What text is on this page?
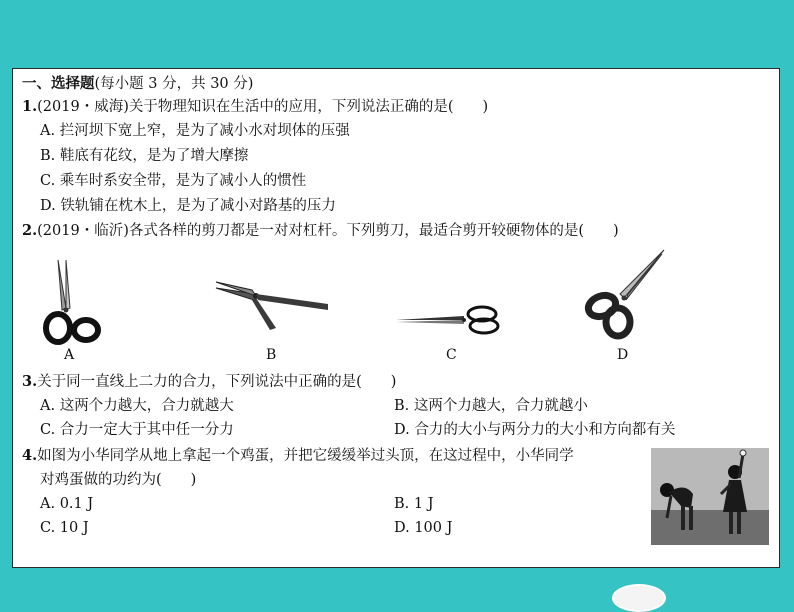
一、选择题(每小题 3 分，共 30 分)
1.(2019・威海)关于物理知识在生活中的应用，下列说法正确的是(　　)
A. 拦河坝下宽上窄，是为了减小水对坝体的压强
B. 鞋底有花纹，是为了增大摩擦
C. 乘车时系安全带，是为了减小人的惯性
D. 铁轨铺在枕木上，是为了减小对路基的压力
2.(2019・临沂)各式各样的剪刀都是一对对杠杆。下列剪刀，最适合剪开较硬物体的是(　　)
A	B	C	D
3.关于同一直线上二力的合力，下列说法中正确的是(　　)
A. 这两个力越大，合力就越大	B. 这两个力越大，合力就越小
C. 合力一定大于其中任一分力	D. 合力的大小与两分力的大小和方向都有关
4.如图为小华同学从地上拿起一个鸡蛋，并把它缓缓举过头顶，在这过程中，小华同学
对鸡蛋做的功约为(　　)
A. 0.1 J	B. 1 J
C. 10 J	D. 100 J
